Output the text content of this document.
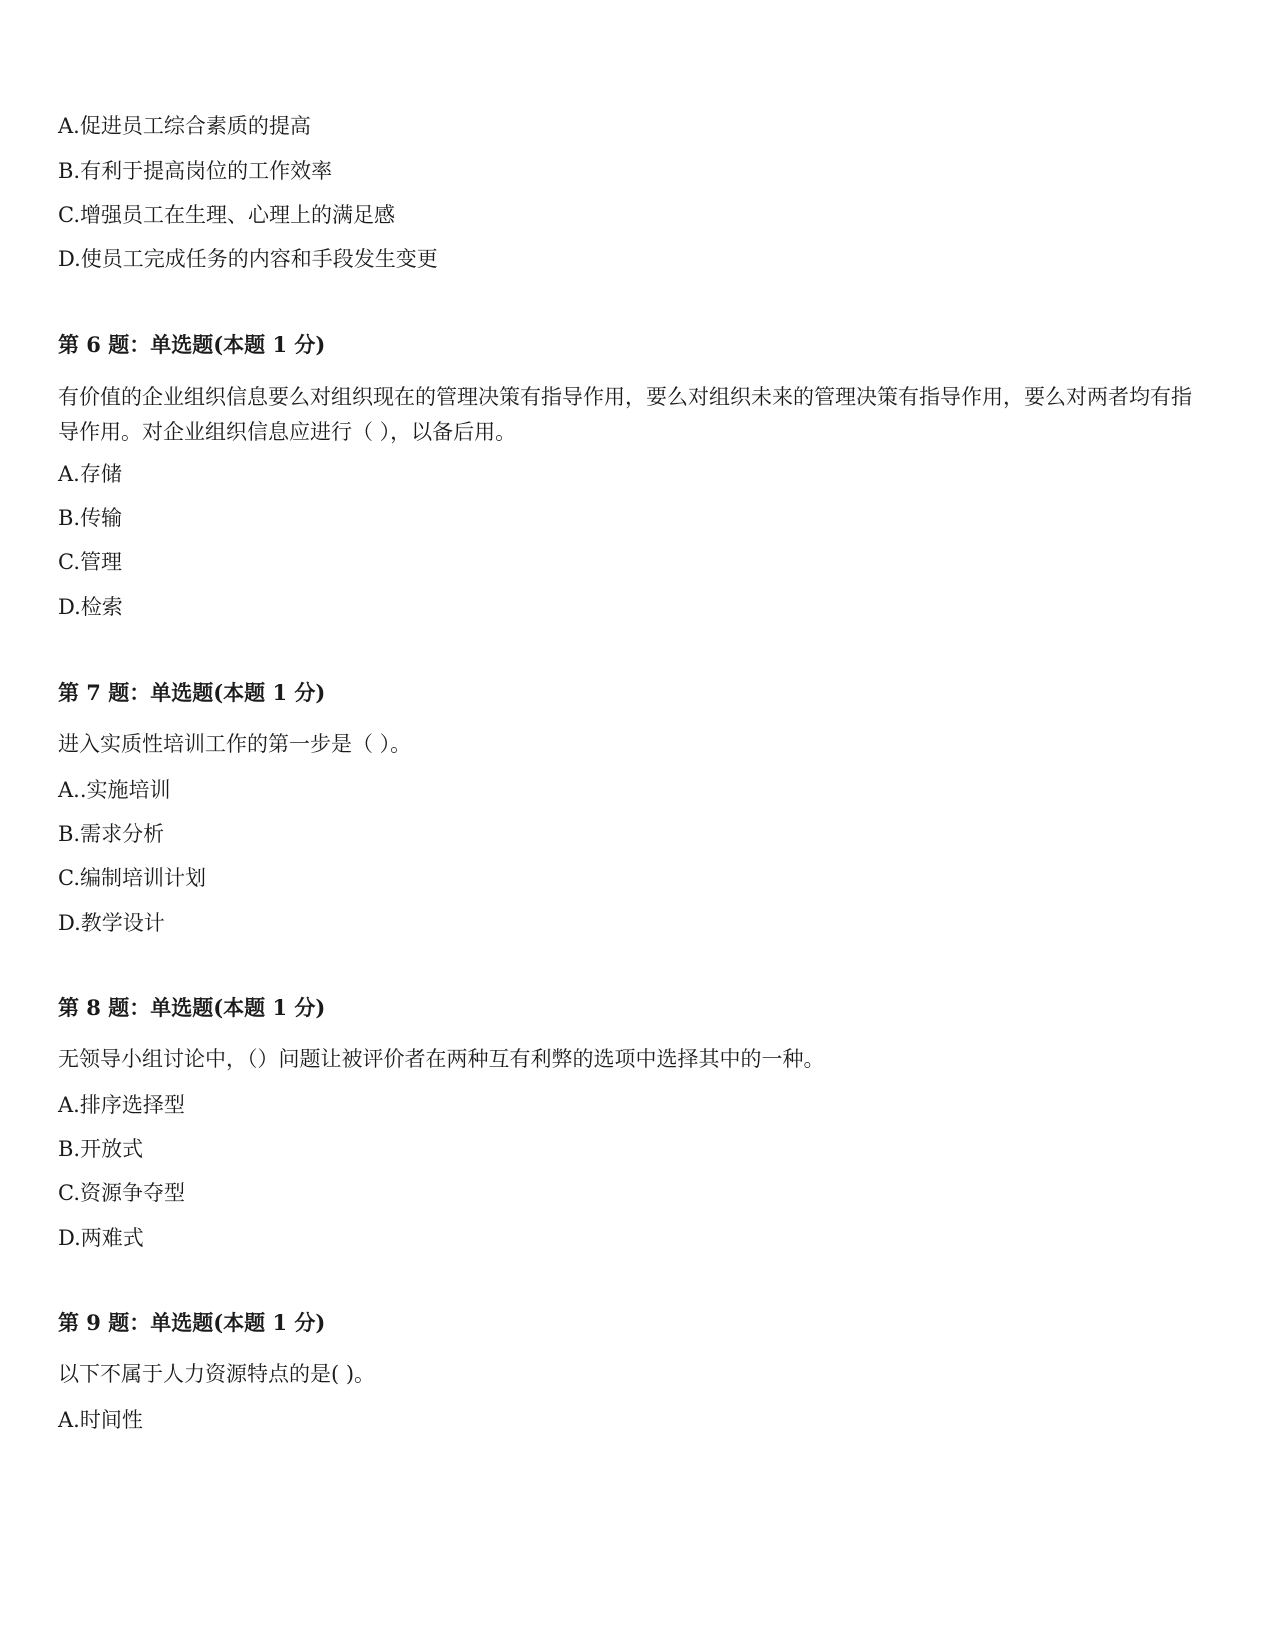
A.促进员工综合素质的提高
B.有利于提高岗位的工作效率
C.增强员工在生理、心理上的满足感
D.使员工完成任务的内容和手段发生变更
第 6 题：单选题(本题 1 分)
有价值的企业组织信息要么对组织现在的管理决策有指导作用，要么对组织未来的管理决策有指导作用，要么对两者均有指导作用。对企业组织信息应进行（ ），以备后用。
A.存储
B.传输
C.管理
D.检索
第 7 题：单选题(本题 1 分)
进入实质性培训工作的第一步是（ ）。
A..实施培训
B.需求分析
C.编制培训计划
D.教学设计
第 8 题：单选题(本题 1 分)
无领导小组讨论中，（）问题让被评价者在两种互有利弊的选项中选择其中的一种。
A.排序选择型
B.开放式
C.资源争夺型
D.两难式
第 9 题：单选题(本题 1 分)
以下不属于人力资源特点的是( )。
A.时间性
